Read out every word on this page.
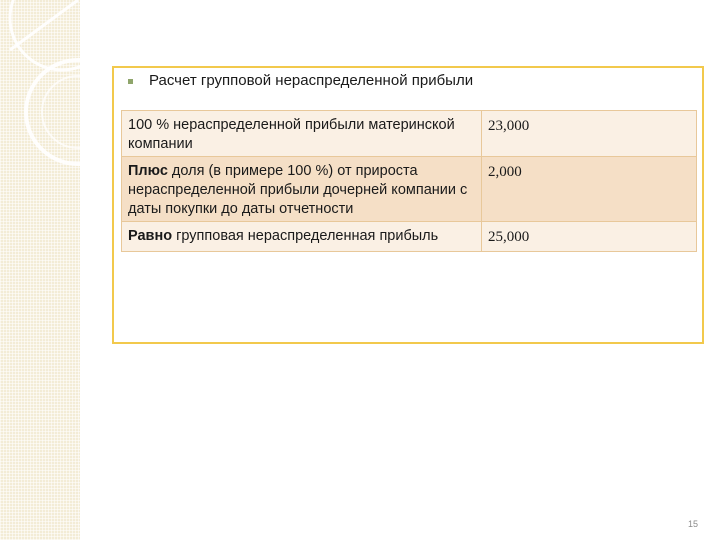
Расчет групповой нераспределенной прибыли
100 % нераспределенной прибыли материнской компании	23,000
Плюс доля (в примере 100 %) от прироста нераспределенной прибыли дочерней компании с даты покупки до даты отчетности	2,000
Равно групповая нераспределенная прибыль	25,000
15
